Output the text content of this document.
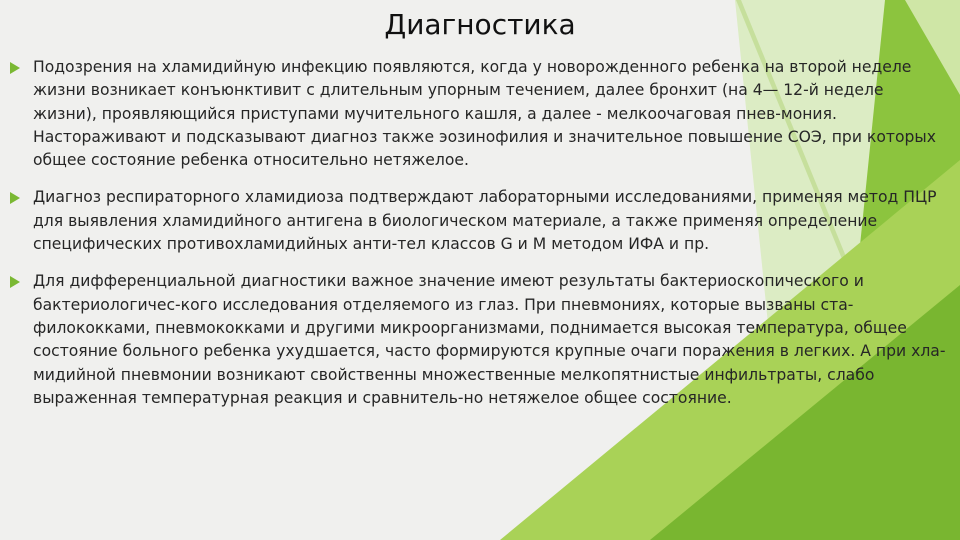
Диагностика
Подозрения на хламидийную инфекцию появляются, когда у новорожденного ребенка на второй неделе жизни возникает конъюнктивит с длительным упорным течением, далее бронхит (на 4— 12-й неделе жизни), проявляющийся приступами мучительного кашля, а далее - мелкоочаговая пнев-мония. Настораживают и подсказывают диагноз также эозинофилия и значительное повышение СОЭ, при которых общее состояние ребенка относительно нетяжелое.
Диагноз респираторного хламидиоза подтверждают лабораторными исследованиями, применяя метод ПЦР для выявления хламидийного антигена в биологическом материале, а также применяя определение специфических противохламидийных анти-тел классов G и M методом ИФА и пр.
Для дифференциальной диагностики важное значение имеют результаты бактериоскопического и бактериологичес-кого исследования отделяемого из глаз. При пневмониях, которые вызваны ста-филококками, пневмококками и другими микроорганизмами, поднимается высокая температура, общее состояние больного ребенка ухудшается, часто формируются крупные очаги поражения в легких. А при хла-мидийной пневмонии возникают свойственны множественные мелкопятнистые инфильтраты, слабо выраженная температурная реакция и сравнитель-но нетяжелое общее состояние.
